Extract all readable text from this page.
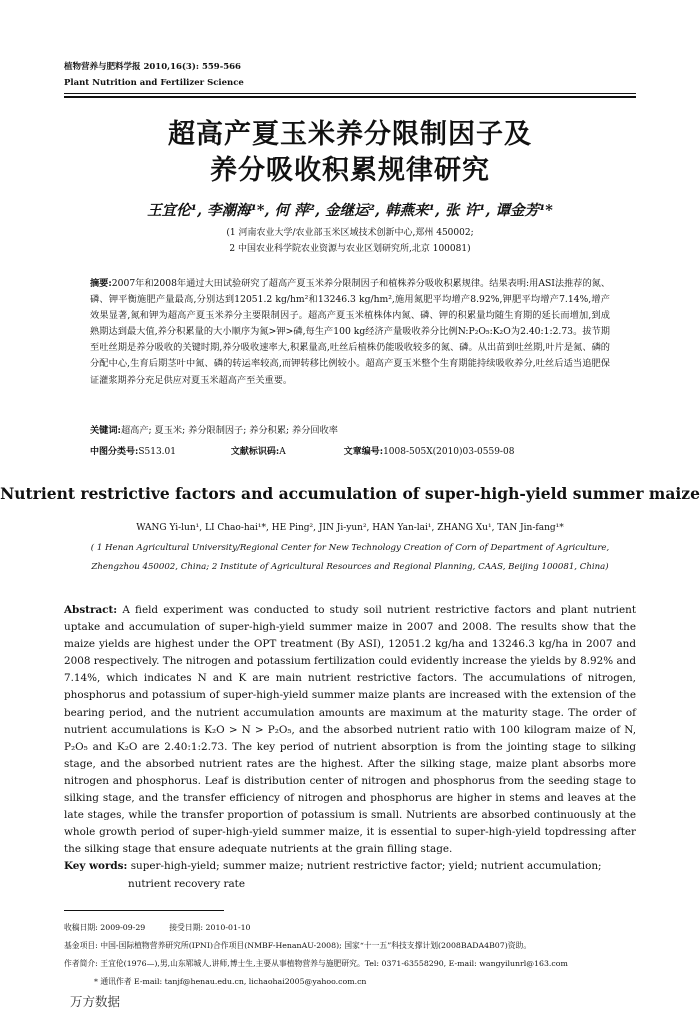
植物营养与肥料学报 2010,16(3): 559-566
Plant Nutrition and Fertilizer Science
超高产夏玉米养分限制因子及
养分吸收积累规律研究
王宜伦¹, 李潮海¹*, 何 萍², 金继运², 韩燕来¹, 张 许¹, 谭金芳¹*
(1 河南农业大学/农业部玉米区域技术创新中心,郑州 450002;
2 中国农业科学院农业资源与农业区划研究所,北京 100081)
摘要:2007年和2008年通过大田试验研究了超高产夏玉米养分限制因子和植株养分吸收积累规律。结果表明:用ASI法推荐的氮、磷、钾平衡施肥产量最高,分别达到12051.2 kg/hm²和13246.3 kg/hm²,施用氮肥平均增产8.92%,钾肥平均增产7.14%,增产效果显著,氮和钾为超高产夏玉米养分主要限制因子。超高产夏玉米植株体内氮、磷、钾的积累量均随生育期的延长而增加,到成熟期达到最大值,养分积累量的大小顺序为氮>钾>磷,每生产100 kg经济产量吸收养分比例N:P₂O₅:K₂O为2.40:1:2.73。拔节期至吐丝期是养分吸收的关键时期,养分吸收速率大,积累量高,吐丝后植株仍能吸收较多的氮、磷。从出苗到吐丝期,叶片是氮、磷的分配中心,生育后期茎叶中氮、磷的转运率较高,而钾转移比例较小。超高产夏玉米整个生育期能持续吸收养分,吐丝后适当追肥保证灌浆期养分充足供应对夏玉米超高产至关重要。
关键词:超高产; 夏玉米; 养分限制因子; 养分积累; 养分回收率
中图分类号:S513.01	文献标识码:A	文章编号:1008-505X(2010)03-0559-08
Nutrient restrictive factors and accumulation of super-high-yield summer maize
WANG Yi-lun¹, LI Chao-hai¹*, HE Ping², JIN Ji-yun², HAN Yan-lai¹, ZHANG Xu¹, TAN Jin-fang¹*
( 1 Henan Agricultural University/Regional Center for New Technology Creation of Corn of Department of Agriculture,
Zhengzhou 450002, China; 2 Institute of Agricultural Resources and Regional Planning, CAAS, Beijing 100081, China)
Abstract: A field experiment was conducted to study soil nutrient restrictive factors and plant nutrient uptake and accumulation of super-high-yield summer maize in 2007 and 2008. The results show that the maize yields are highest under the OPT treatment (By ASI), 12051.2 kg/ha and 13246.3 kg/ha in 2007 and 2008 respectively. The nitrogen and potassium fertilization could evidently increase the yields by 8.92% and 7.14%, which indicates N and K are main nutrient restrictive factors. The accumulations of nitrogen, phosphorus and potassium of super-high-yield summer maize plants are increased with the extension of the bearing period, and the nutrient accumulation amounts are maximum at the maturity stage. The order of nutrient accumulations is K₂O > N > P₂O₅, and the absorbed nutrient ratio with 100 kilogram maize of N, P₂O₅ and K₂O are 2.40:1:2.73. The key period of nutrient absorption is from the jointing stage to silking stage, and the absorbed nutrient rates are the highest. After the silking stage, maize plant absorbs more nitrogen and phosphorus. Leaf is distribution center of nitrogen and phosphorus from the seeding stage to silking stage, and the transfer efficiency of nitrogen and phosphorus are higher in stems and leaves at the late stages, while the transfer proportion of potassium is small. Nutrients are absorbed continuously at the whole growth period of super-high-yield summer maize, it is essential to super-high-yield topdressing after the silking stage that ensure adequate nutrients at the grain filling stage.
Key words: super-high-yield; summer maize; nutrient restrictive factor; yield; nutrient accumulation;
nutrient recovery rate
收稿日期: 2009-09-29	接受日期: 2010-01-10
基金项目: 中国-国际植物营养研究所(IPNI)合作项目(NMBF-HenanAU-2008); 国家“十一五”科技支撑计划(2008BADA4B07)资助。
作者简介: 王宜伦(1976—),男,山东郓城人,讲师,博士生,主要从事植物营养与施肥研究。Tel: 0371-63558290, E-mail: wangyilunrl@163.com
* 通讯作者 E-mail: tanjf@henau.edu.cn, lichaohai2005@yahoo.com.cn
万方数据
